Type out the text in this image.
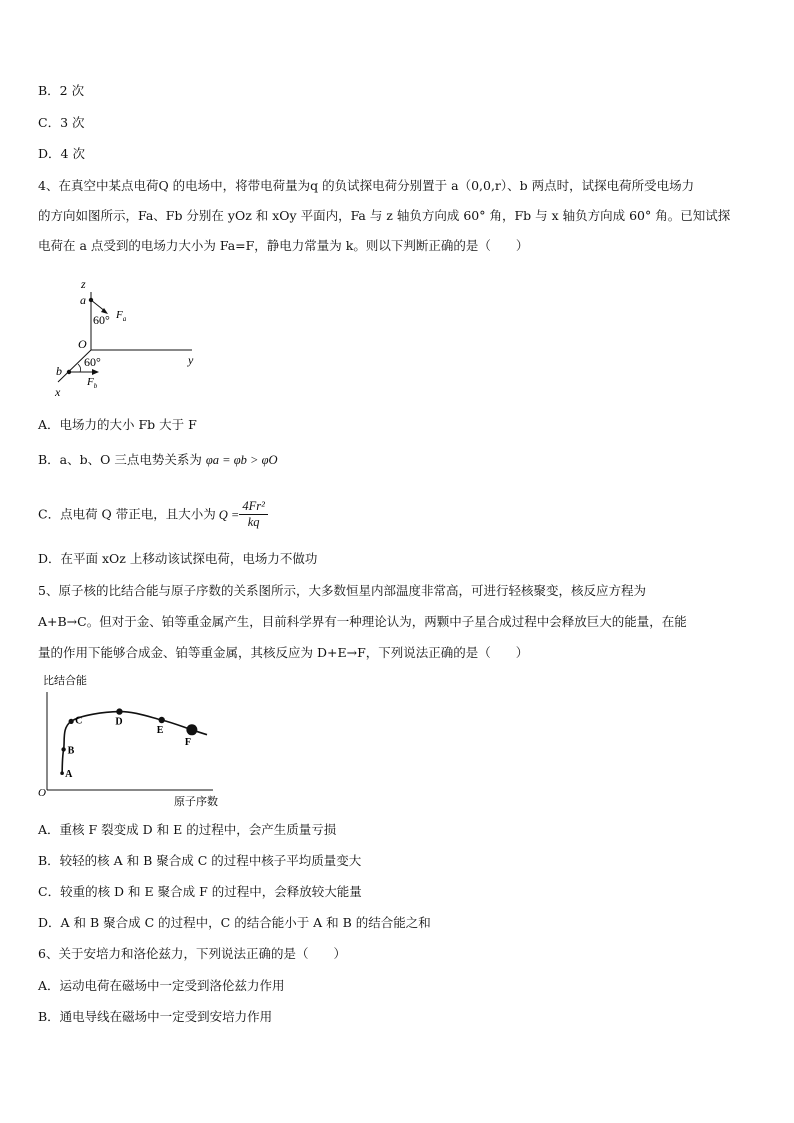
B．2 次
C．3 次
D．4 次
4、在真空中某点电荷Q 的电场中，将带电荷量为q 的负试探电荷分别置于 a（0,0,r）、b 两点时，试探电荷所受电场力
的方向如图所示，Fa、Fb 分别在 yOz 和 xOy 平面内，Fa 与 z 轴负方向成 60° 角，Fb 与 x 轴负方向成 60° 角。已知试探
电荷在 a 点受到的电场力大小为 Fa=F，静电力常量为 k。则以下判断正确的是（　　）
z
y
x
O
a
60° $F_a$
b
60°
$F_b$
A．电场力的大小 Fb 大于 F
B．a、b、O 三点电势关系为 φa = φb > φO
C．点电荷 Q 带正电，且大小为 $Q = \frac{\text{4Fr²}}{kq}$
D．在平面 xOz 上移动该试探电荷，电场力不做功
5、原子核的比结合能与原子序数的关系图所示，大多数恒星内部温度非常高，可进行轻核聚变，核反应方程为
A+B→C。但对于金、铂等重金属产生，目前科学界有一种理论认为，两颗中子星合成过程中会释放巨大的能量，在能
量的作用下能够合成金、铂等重金属，其核反应为 D+E→F，下列说法正确的是（　　）
比结合能
O
原子序数
A
B
C	D
E
F
A．重核 F 裂变成 D 和 E 的过程中，会产生质量亏损
B．较轻的核 A 和 B 聚合成 C 的过程中核子平均质量变大
C．较重的核 D 和 E 聚合成 F 的过程中，会释放较大能量
D．A 和 B 聚合成 C 的过程中，C 的结合能小于 A 和 B 的结合能之和
6、关于安培力和洛伦兹力，下列说法正确的是（　　）
A．运动电荷在磁场中一定受到洛伦兹力作用
B．通电导线在磁场中一定受到安培力作用
